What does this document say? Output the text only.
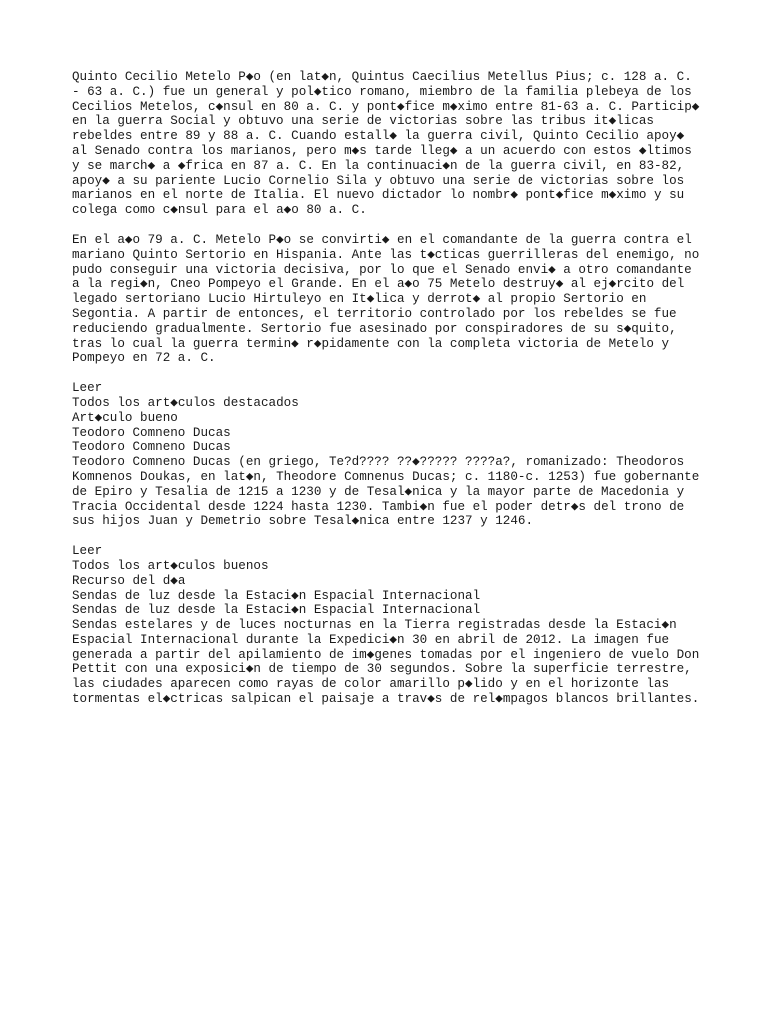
Quinto Cecilio Metelo P◆o (en lat◆n, Quintus Caecilius Metellus Pius; c. 128 a. C.
- 63 a. C.) fue un general y pol◆tico romano, miembro de la familia plebeya de los
Cecilios Metelos, c◆nsul en 80 a. C. y pont◆fice m◆ximo entre 81-63 a. C. Particip◆
en la guerra Social y obtuvo una serie de victorias sobre las tribus it◆licas
rebeldes entre 89 y 88 a. C. Cuando estall◆ la guerra civil, Quinto Cecilio apoy◆
al Senado contra los marianos, pero m◆s tarde lleg◆ a un acuerdo con estos ◆ltimos
y se march◆ a ◆frica en 87 a. C. En la continuaci◆n de la guerra civil, en 83-82,
apoy◆ a su pariente Lucio Cornelio Sila y obtuvo una serie de victorias sobre los
marianos en el norte de Italia. El nuevo dictador lo nombr◆ pont◆fice m◆ximo y su
colega como c◆nsul para el a◆o 80 a. C.
En el a◆o 79 a. C. Metelo P◆o se convirti◆ en el comandante de la guerra contra el
mariano Quinto Sertorio en Hispania. Ante las t◆cticas guerrilleras del enemigo, no
pudo conseguir una victoria decisiva, por lo que el Senado envi◆ a otro comandante
a la regi◆n, Cneo Pompeyo el Grande. En el a◆o 75 Metelo destruy◆ al ej◆rcito del
legado sertoriano Lucio Hirtuleyo en It◆lica y derrot◆ al propio Sertorio en
Segontia. A partir de entonces, el territorio controlado por los rebeldes se fue
reduciendo gradualmente. Sertorio fue asesinado por conspiradores de su s◆quito,
tras lo cual la guerra termin◆ r◆pidamente con la completa victoria de Metelo y
Pompeyo en 72 a. C.
Leer
Todos los art◆culos destacados
Art◆culo bueno
Teodoro Comneno Ducas
Teodoro Comneno Ducas
Teodoro Comneno Ducas (en griego, Te?d???? ??◆????? ????a?, romanizado: Theodoros
Komnenos Doukas, en lat◆n, Theodore Comnenus Ducas; c. 1180-c. 1253) fue gobernante
de Epiro y Tesalia de 1215 a 1230 y de Tesal◆nica y la mayor parte de Macedonia y
Tracia Occidental desde 1224 hasta 1230. Tambi◆n fue el poder detr◆s del trono de
sus hijos Juan y Demetrio sobre Tesal◆nica entre 1237 y 1246.
Leer
Todos los art◆culos buenos
Recurso del d◆a
Sendas de luz desde la Estaci◆n Espacial Internacional
Sendas de luz desde la Estaci◆n Espacial Internacional
Sendas estelares y de luces nocturnas en la Tierra registradas desde la Estaci◆n
Espacial Internacional durante la Expedici◆n 30 en abril de 2012. La imagen fue
generada a partir del apilamiento de im◆genes tomadas por el ingeniero de vuelo Don
Pettit con una exposici◆n de tiempo de 30 segundos. Sobre la superficie terrestre,
las ciudades aparecen como rayas de color amarillo p◆lido y en el horizonte las
tormentas el◆ctricas salpican el paisaje a trav◆s de rel◆mpagos blancos brillantes.
